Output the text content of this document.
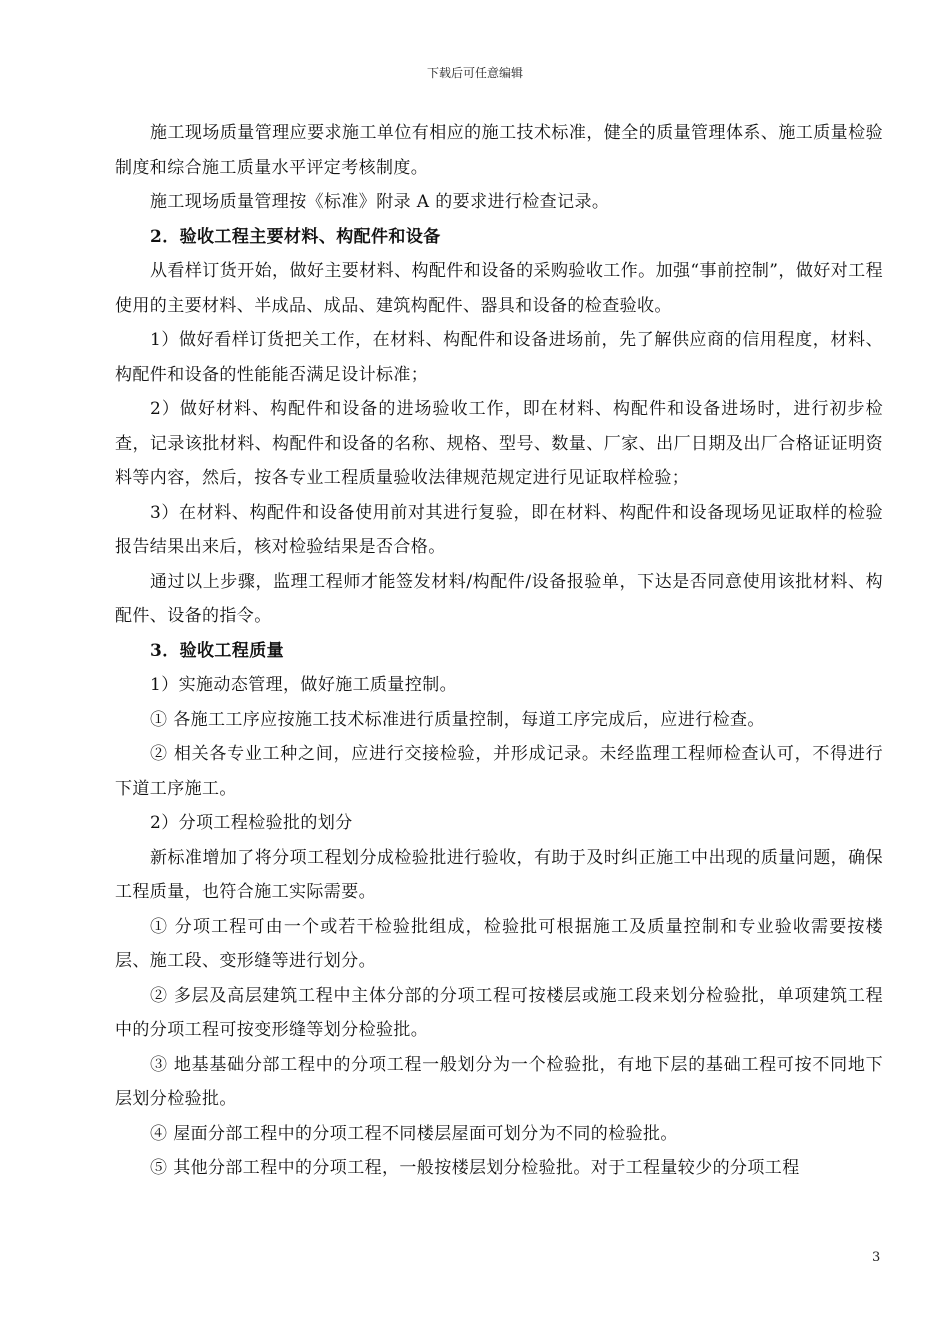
下载后可任意编辑

施工现场质量管理应要求施工单位有相应的施工技术标准，健全的质量管理体系、施工质量检验制度和综合施工质量水平评定考核制度。

施工现场质量管理按《标准》附录 A 的要求进行检查记录。

2．验收工程主要材料、构配件和设备

从看样订货开始，做好主要材料、构配件和设备的采购验收工作。加强“事前控制”，做好对工程使用的主要材料、半成品、成品、建筑构配件、器具和设备的检查验收。

1）做好看样订货把关工作，在材料、构配件和设备进场前，先了解供应商的信用程度，材料、构配件和设备的性能能否满足设计标准；

2）做好材料、构配件和设备的进场验收工作，即在材料、构配件和设备进场时，进行初步检查，记录该批材料、构配件和设备的名称、规格、型号、数量、厂家、出厂日期及出厂合格证证明资料等内容，然后，按各专业工程质量验收法律规范规定进行见证取样检验；

3）在材料、构配件和设备使用前对其进行复验，即在材料、构配件和设备现场见证取样的检验报告结果出来后，核对检验结果是否合格。

通过以上步骤，监理工程师才能签发材料/构配件/设备报验单，下达是否同意使用该批材料、构配件、设备的指令。

3．验收工程质量

1）实施动态管理，做好施工质量控制。

① 各施工工序应按施工技术标准进行质量控制，每道工序完成后，应进行检查。

② 相关各专业工种之间，应进行交接检验，并形成记录。未经监理工程师检查认可，不得进行下道工序施工。

2）分项工程检验批的划分

新标准增加了将分项工程划分成检验批进行验收，有助于及时纠正施工中出现的质量问题，确保工程质量，也符合施工实际需要。

① 分项工程可由一个或若干检验批组成，检验批可根据施工及质量控制和专业验收需要按楼层、施工段、变形缝等进行划分。

② 多层及高层建筑工程中主体分部的分项工程可按楼层或施工段来划分检验批，单项建筑工程中的分项工程可按变形缝等划分检验批。

③ 地基基础分部工程中的分项工程一般划分为一个检验批，有地下层的基础工程可按不同地下层划分检验批。

④ 屋面分部工程中的分项工程不同楼层屋面可划分为不同的检验批。

⑤ 其他分部工程中的分项工程，一般按楼层划分检验批。对于工程量较少的分项工程

3
